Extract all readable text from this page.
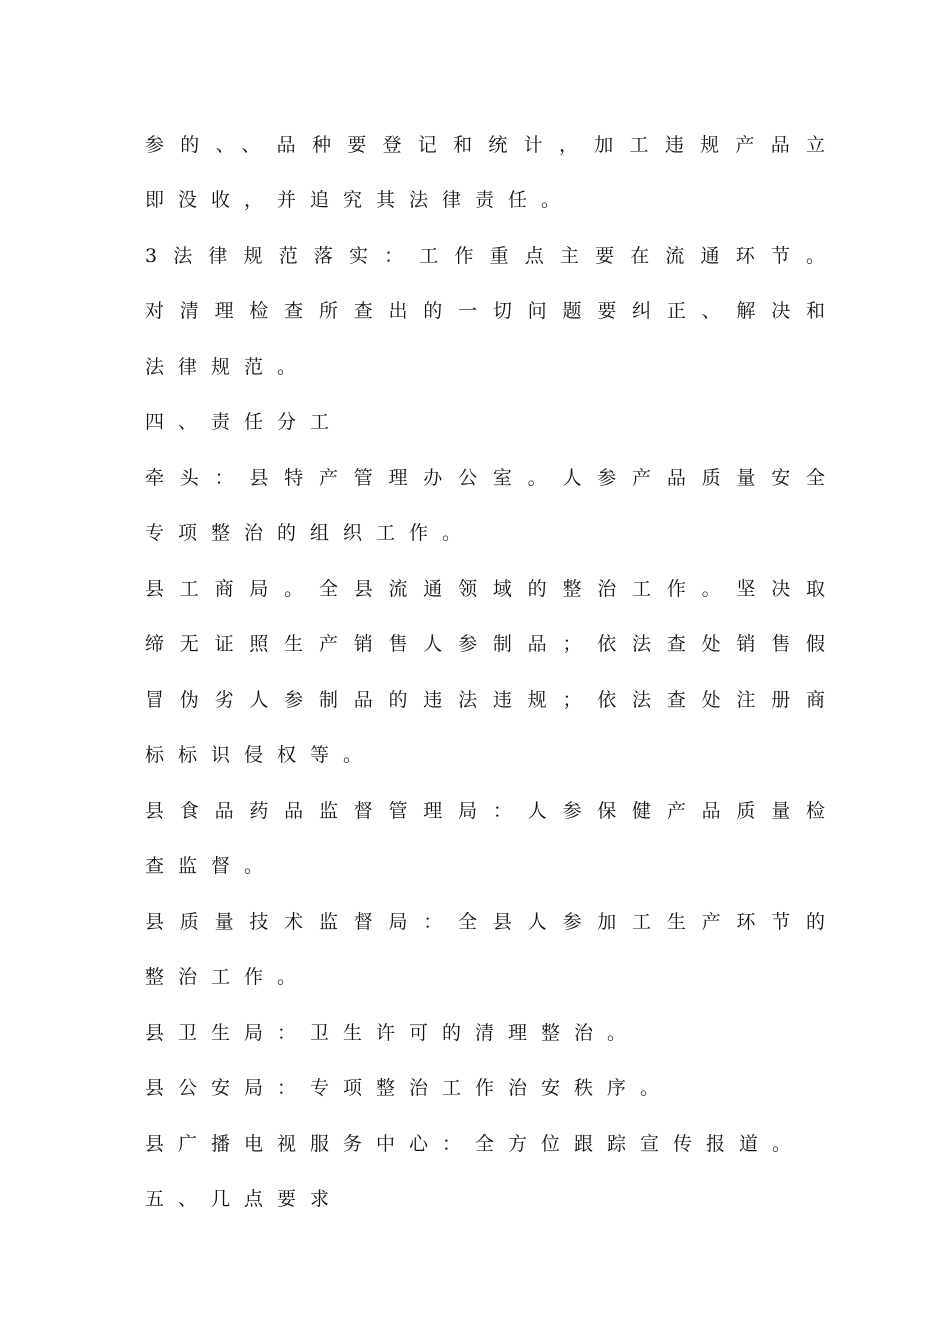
参的、、品种要登记和统计，加工违规产品立
即没收，并追究其法律责任。
3法律规范落实：工作重点主要在流通环节。
对清理检查所查出的一切问题要纠正、解决和
法律规范。
四、责任分工
牵头：县特产管理办公室。人参产品质量安全
专项整治的组织工作。
县工商局。全县流通领域的整治工作。坚决取
缔无证照生产销售人参制品；依法查处销售假
冒伪劣人参制品的违法违规；依法查处注册商
标标识侵权等。
县食品药品监督管理局：人参保健产品质量检
查监督。
县质量技术监督局：全县人参加工生产环节的
整治工作。
县卫生局：卫生许可的清理整治。
县公安局：专项整治工作治安秩序。
县广播电视服务中心：全方位跟踪宣传报道。
五、几点要求
